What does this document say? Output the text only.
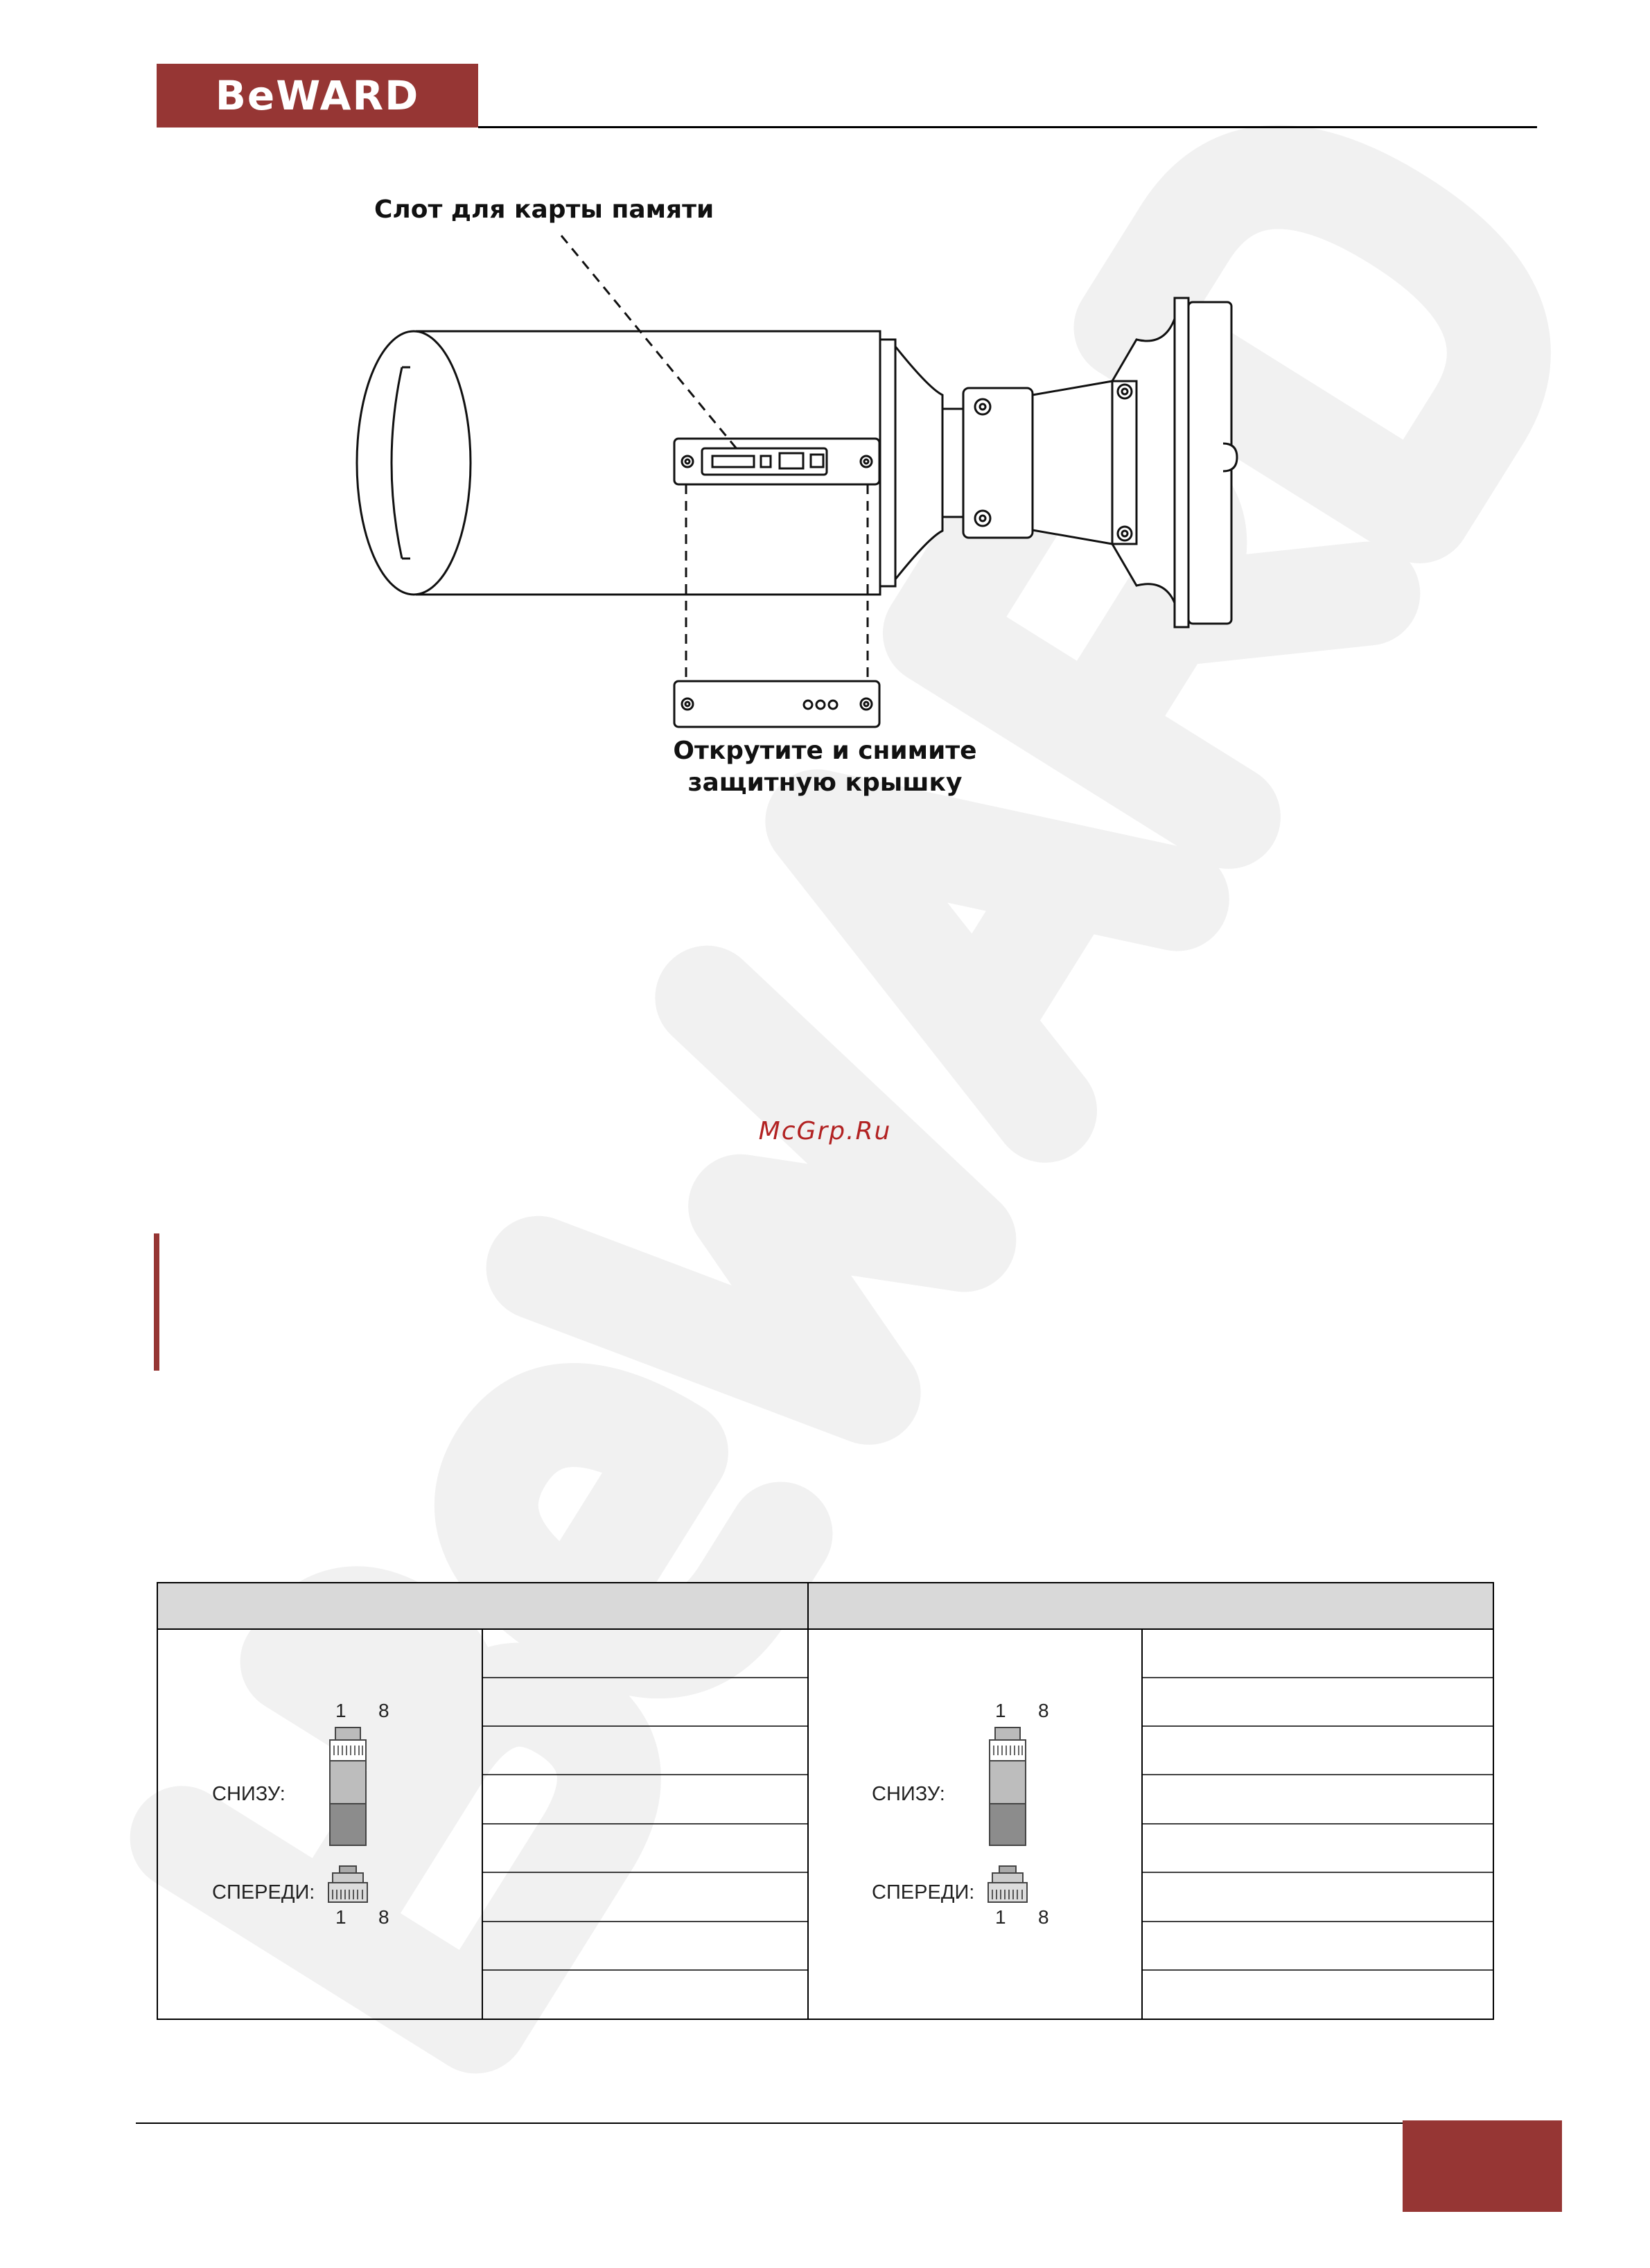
BeWARD
Слот для карты памяти
Открутите и снимите
защитную крышку
McGrp.Ru
1 8
СНИЗУ:
СПЕРЕДИ:
1 8
1 8
СНИЗУ:
СПЕРЕДИ:
1 8
